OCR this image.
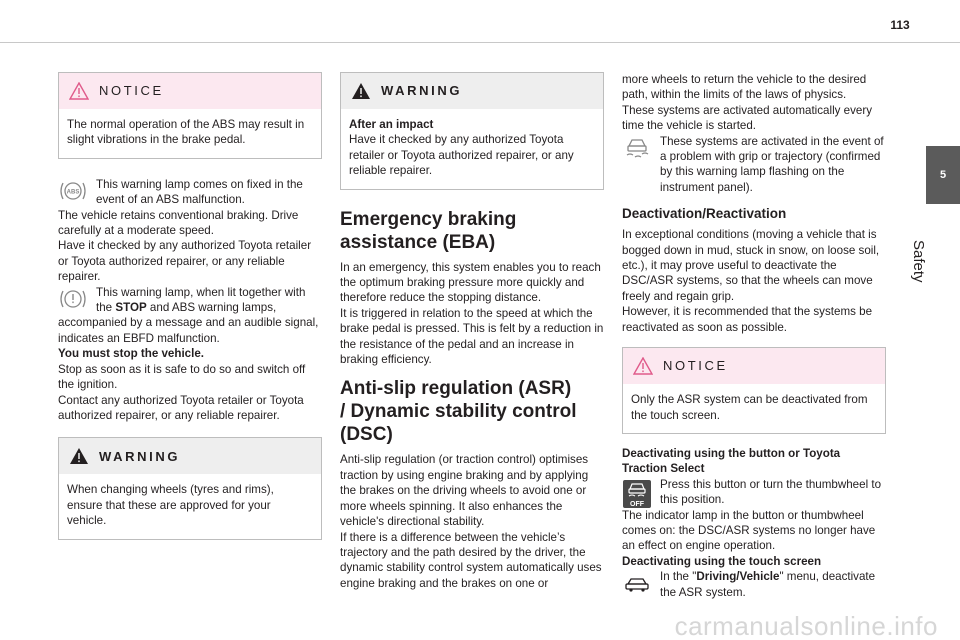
113
5
Safety
NOTICE

The normal operation of the ABS may result in slight vibrations in the brake pedal.

ABS

This warning lamp comes on fixed in the event of an ABS malfunction.

The vehicle retains conventional braking. Drive carefully at a moderate speed.

Have it checked by any authorized Toyota retailer or Toyota authorized repairer, or any reliable repairer.

This warning lamp, when lit together with the STOP and ABS warning lamps,

accompanied by a message and an audible signal, indicates an EBFD malfunction.

You must stop the vehicle.

Stop as soon as it is safe to do so and switch off the ignition.

Contact any authorized Toyota retailer or Toyota authorized repairer, or any reliable repairer.

WARNING

When changing wheels (tyres and rims), ensure that these are approved for your vehicle.

WARNING

After an impact

Have it checked by any authorized Toyota retailer or Toyota authorized repairer, or any reliable repairer.

Emergency braking
assistance (EBA)

In an emergency, this system enables you to reach the optimum braking pressure more quickly and therefore reduce the stopping distance.

It is triggered in relation to the speed at which the brake pedal is pressed. This is felt by a reduction in the resistance of the pedal and an increase in braking efficiency.

Anti-slip regulation (ASR)
/ Dynamic stability control
(DSC)

Anti-slip regulation (or traction control) optimises traction by using engine braking and by applying the brakes on the driving wheels to avoid one or more wheels spinning. It also enhances the vehicle's directional stability.

If there is a difference between the vehicle’s trajectory and the path desired by the driver, the dynamic stability control system automatically uses engine braking and the brakes on one or

more wheels to return the vehicle to the desired path, within the limits of the laws of physics.

These systems are activated automatically every time the vehicle is started.

These systems are activated in the event of a problem with grip or trajectory (confirmed by this warning lamp flashing on the instrument panel).

Deactivation/Reactivation

In exceptional conditions (moving a vehicle that is bogged down in mud, stuck in snow, on loose soil, etc.), it may prove useful to deactivate the DSC/ASR systems, so that the wheels can move freely and regain grip.

However, it is recommended that the systems be reactivated as soon as possible.

NOTICE

Only the ASR system can be deactivated from the touch screen.

Deactivating using the button or Toyota Traction Select

OFF

Press this button or turn the thumbwheel to this position.

The indicator lamp in the button or thumbwheel comes on: the DSC/ASR systems no longer have an effect on engine operation.

Deactivating using the touch screen

In the "Driving/Vehicle" menu, deactivate the ASR system.

carmanualsonline.info
